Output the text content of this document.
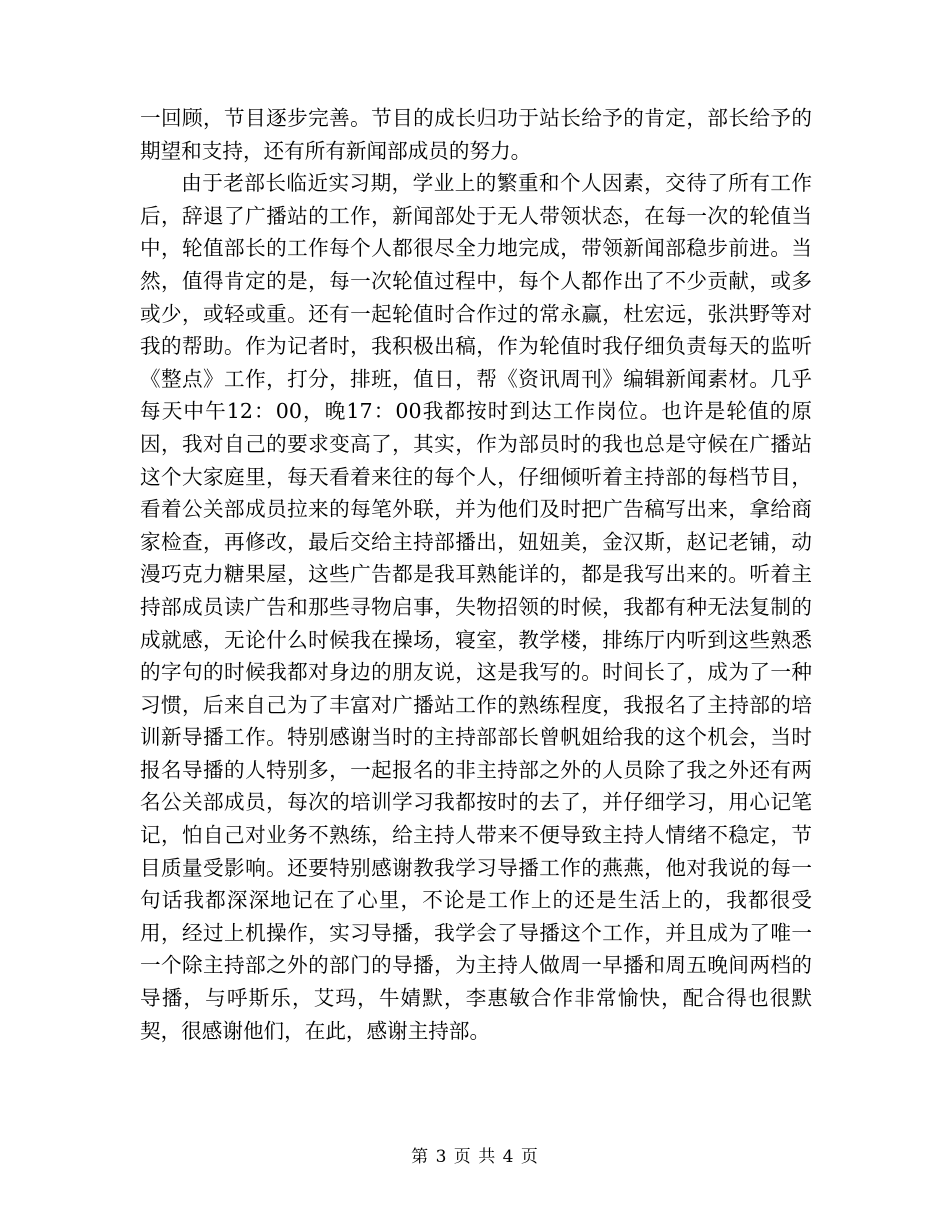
一回顾，节目逐步完善。节目的成长归功于站长给予的肯定，部长给予的期望和支持，还有所有新闻部成员的努力。

由于老部长临近实习期，学业上的繁重和个人因素，交待了所有工作后，辞退了广播站的工作，新闻部处于无人带领状态，在每一次的轮值当中，轮值部长的工作每个人都很尽全力地完成，带领新闻部稳步前进。当然，值得肯定的是，每一次轮值过程中，每个人都作出了不少贡献，或多或少，或轻或重。还有一起轮值时合作过的常永赢，杜宏远，张洪野等对我的帮助。作为记者时，我积极出稿，作为轮值时我仔细负责每天的监听《整点》工作，打分，排班，值日，帮《资讯周刊》编辑新闻素材。几乎每天中午12：00，晚17：00我都按时到达工作岗位。也许是轮值的原因，我对自己的要求变高了，其实，作为部员时的我也总是守候在广播站这个大家庭里，每天看着来往的每个人，仔细倾听着主持部的每档节目，看着公关部成员拉来的每笔外联，并为他们及时把广告稿写出来，拿给商家检查，再修改，最后交给主持部播出，妞妞美，金汉斯，赵记老铺，动漫巧克力糖果屋，这些广告都是我耳熟能详的，都是我写出来的。听着主持部成员读广告和那些寻物启事，失物招领的时候，我都有种无法复制的成就感，无论什么时候我在操场，寝室，教学楼，排练厅内听到这些熟悉的字句的时候我都对身边的朋友说，这是我写的。时间长了，成为了一种习惯，后来自己为了丰富对广播站工作的熟练程度，我报名了主持部的培训新导播工作。特别感谢当时的主持部部长曾帆姐给我的这个机会，当时报名导播的人特别多，一起报名的非主持部之外的人员除了我之外还有两名公关部成员，每次的培训学习我都按时的去了，并仔细学习，用心记笔记，怕自己对业务不熟练，给主持人带来不便导致主持人情绪不稳定，节目质量受影响。还要特别感谢教我学习导播工作的燕燕，他对我说的每一句话我都深深地记在了心里，不论是工作上的还是生活上的，我都很受用，经过上机操作，实习导播，我学会了导播这个工作，并且成为了唯一一个除主持部之外的部门的导播，为主持人做周一早播和周五晚间两档的导播，与呼斯乐，艾玛，牛婧默，李惠敏合作非常愉快，配合得也很默契，很感谢他们，在此，感谢主持部。

第 3 页 共 4 页
